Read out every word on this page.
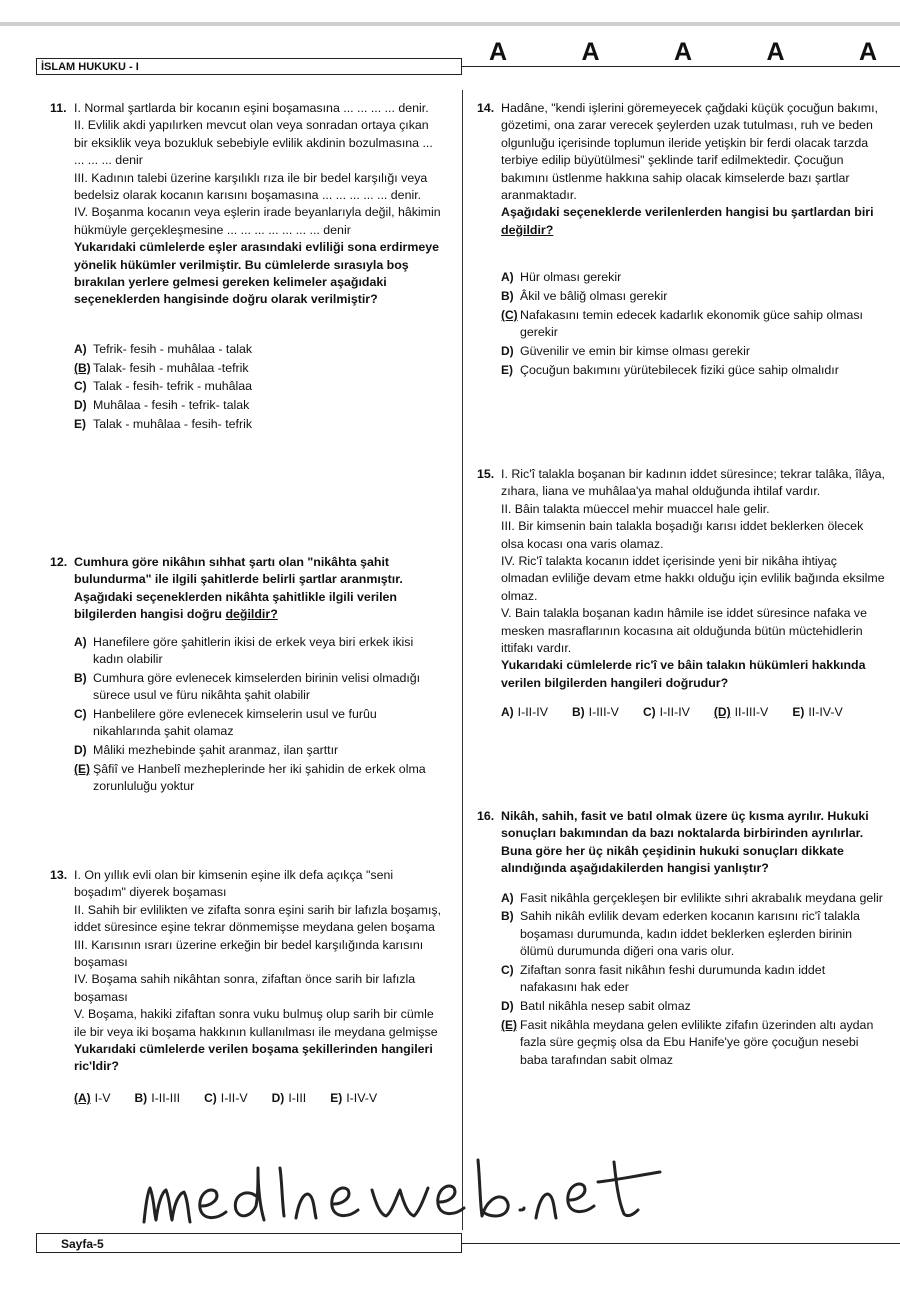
İSLAM HUKUKU - I
A	A	A	A	A
11. I. Normal şartlarda bir kocanın eşini boşamasına ... ... ... ... denir.

II. Evlilik akdi yapılırken mevcut olan veya sonradan ortaya çıkan bir eksiklik veya bozukluk sebebiyle evlilik akdinin bozulmasına ... ... ... ... denir

III. Kadının talebi üzerine karşılıklı rıza ile bir bedel karşılığı veya bedelsiz olarak kocanın karısını boşamasına ... ... ... ... ... denir.

IV. Boşanma kocanın veya eşlerin irade beyanlarıyla değil, hâkimin hükmüyle gerçekleşmesine ... ... ... ... ... ... ... denir

Yukarıdaki cümlelerde eşler arasındaki evliliği sona erdirmeye yönelik hükümler verilmiştir. Bu cümlelerde sırasıyla boş bırakılan yerlere gelmesi gereken kelimeler aşağıdaki seçeneklerden hangisinde doğru olarak verilmiştir?

A) Tefrik- fesih - muhâlaa - talak
(B) Talak- fesih - muhâlaa -tefrik
C) Talak - fesih- tefrik - muhâlaa
D) Muhâlaa - fesih - tefrik- talak
E) Talak - muhâlaa - fesih- tefrik
12. Cumhura göre nikâhın sıhhat şartı olan "nikâhta şahit bulundurma" ile ilgili şahitlerde belirli şartlar aranmıştır. Aşağıdaki seçeneklerden nikâhta şahitlikle ilgili verilen bilgilerden hangisi doğru değildir?

A) Hanefilere göre şahitlerin ikisi de erkek veya biri erkek ikisi kadın olabilir
B) Cumhura göre evlenecek kimselerden birinin velisi olmadığı sürece usul ve füru nikâhta şahit olabilir
C) Hanbelilere göre evlenecek kimselerin usul ve furûu nikahlarında şahit olamaz
D) Mâliki mezhebinde şahit aranmaz, ilan şarttır
(E) Şâfiî ve Hanbelî mezheplerinde her iki şahidin de erkek olma zorunluluğu yoktur
13. I. On yıllık evli olan bir kimsenin eşine ilk defa açıkça "seni boşadım" diyerek boşaması

II. Sahih bir evlilikten ve zifafta sonra eşini sarih bir lafızla boşamış, iddet süresince eşine tekrar dönmemişse meydana gelen boşama

III. Karısının ısrarı üzerine erkeğin bir bedel karşılığında karısını boşaması

IV. Boşama sahih nikâhtan sonra, zifaftan önce sarih bir lafızla boşaması

V. Boşama, hakiki zifaftan sonra vuku bulmuş olup sarih bir cümle ile bir veya iki boşama hakkının kullanılması ile meydana gelmişse

Yukarıdaki cümlelerde verilen boşama şekillerinden hangileri ric'ldir?

(A) I-V B) I-II-III C) I-II-V D) I-III E) I-IV-V
14. Hadâne, "kendi işlerini göremeyecek çağdaki küçük çocuğun bakımı, gözetimi, ona zarar verecek şeylerden uzak tutulması, ruh ve beden olgunluğu içerisinde toplumun ileride yetişkin bir ferdi olacak tarzda terbiye edilip büyütülmesi" şeklinde tarif edilmektedir. Çocuğun bakımını üstlenme hakkına sahip olacak kimselerde bazı şartlar aranmaktadır.

Aşağıdaki seçeneklerde verilenlerden hangisi bu şartlardan biri değildir?

A) Hür olması gerekir
B) Âkil ve bâliğ olması gerekir
(C) Nafakasını temin edecek kadarlık ekonomik güce sahip olması gerekir
D) Güvenilir ve emin bir kimse olması gerekir
E) Çocuğun bakımını yürütebilecek fiziki güce sahip olmalıdır
15. I. Ric'î talakla boşanan bir kadının iddet süresince; tekrar talâka, îlâya, zıhara, liana ve muhâlaa'ya mahal olduğunda ihtilaf vardır.

II. Bâin talakta müeccel mehir muaccel hale gelir.

III. Bir kimsenin bain talakla boşadığı karısı iddet beklerken ölecek olsa kocası ona varis olamaz.

IV. Ric'î talakta kocanın iddet içerisinde yeni bir nikâha ihtiyaç olmadan evliliğe devam etme hakkı olduğu için evlilik bağında eksilme olmaz.

V. Bain talakla boşanan kadın hâmile ise iddet süresince nafaka ve mesken masraflarının kocasına ait olduğunda bütün müctehidlerin ittifakı vardır.

Yukarıdaki cümlelerde ric'î ve bâin talakın hükümleri hakkında verilen bilgilerden hangileri doğrudur?

A) I-II-IV B) I-III-V C) I-II-IV (D) II-III-V E) II-IV-V
16. Nikâh, sahih, fasit ve batıl olmak üzere üç kısma ayrılır. Hukuki sonuçları bakımından da bazı noktalarda birbirinden ayrılırlar. Buna göre her üç nikâh çeşidinin hukuki sonuçları dikkate alındığında aşağıdakilerden hangisi yanlıştır?

A) Fasit nikâhla gerçekleşen bir evlilikte sıhri akrabalık meydana gelir
B) Sahih nikâh evlilik devam ederken kocanın karısını ric'î talakla boşaması durumunda, kadın iddet beklerken eşlerden birinin ölümü durumunda diğeri ona varis olur.
C) Zifaftan sonra fasit nikâhın feshi durumunda kadın iddet nafakasını hak eder
D) Batıl nikâhla nesep sabit olmaz
(E) Fasit nikâhla meydana gelen evlilikte zifafın üzerinden altı aydan fazla süre geçmiş olsa da Ebu Hanife'ye göre çocuğun nesebi baba tarafından sabit olmaz
Sayfa-5
